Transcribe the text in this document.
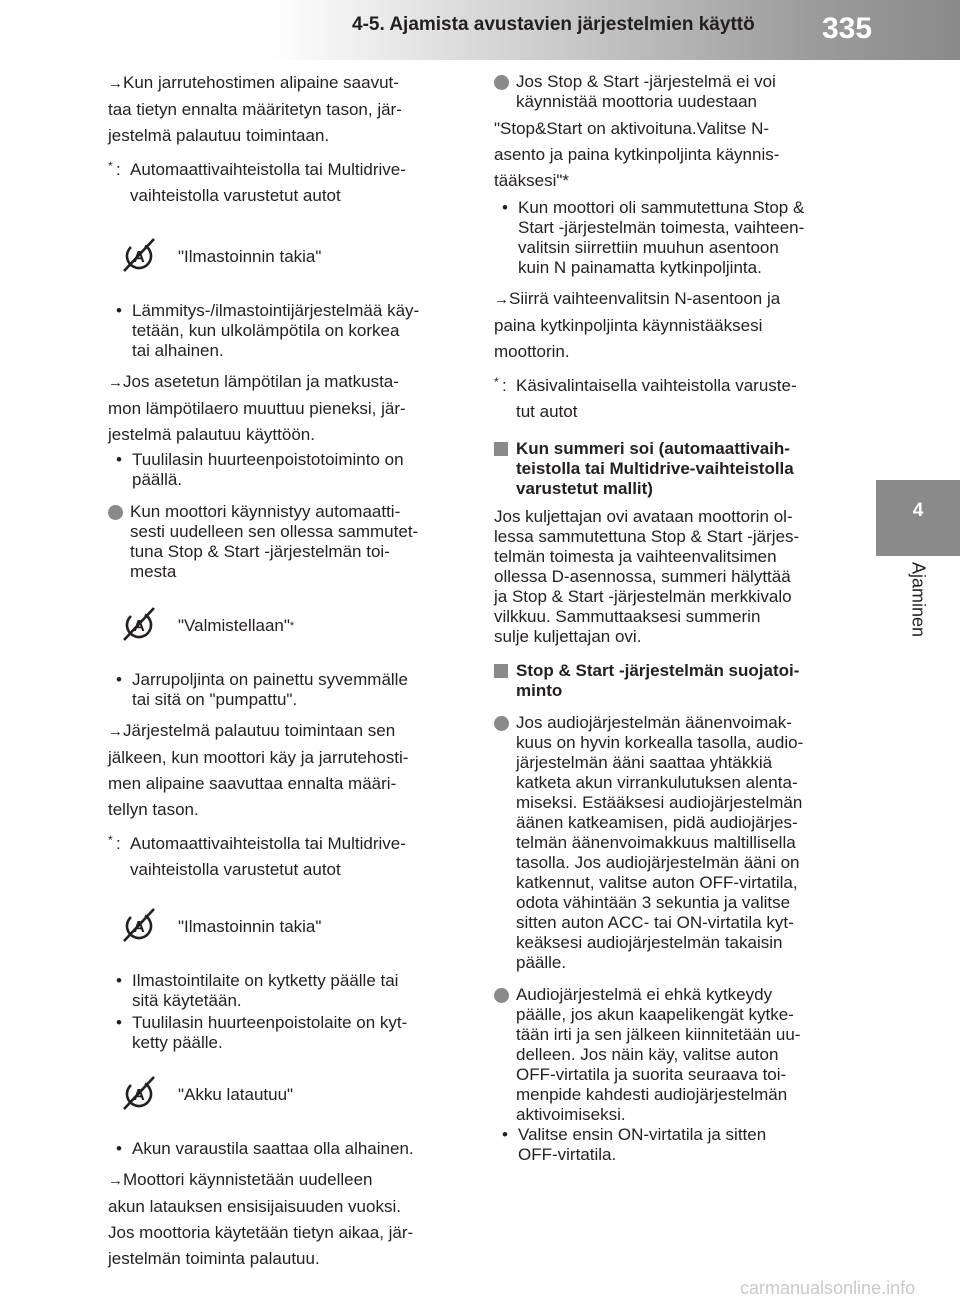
4-5. Ajamista avustavien järjestelmien käyttö 335
4
Ajaminen
→Kun jarrutehostimen alipaine saavut-
taa tietyn ennalta määritetyn tason, jär-
jestelmä palautuu toimintaan.
* : Automaattivaihteistolla tai Multidrive-
vaihteistolla varustetut autot
A "Ilmastoinnin takia"
• Lämmitys-/ilmastointijärjestelmää käy-
tetään, kun ulkolämpötila on korkea
tai alhainen.
→Jos asetetun lämpötilan ja matkusta-
mon lämpötilaero muuttuu pieneksi, jär-
jestelmä palautuu käyttöön.
• Tuulilasin huurteenpoistotoiminto on
päällä.
Kun moottori käynnistyy automaatti-
sesti uudelleen sen ollessa sammutet-
tuna Stop & Start -järjestelmän toi-
mesta
A "Valmistellaan"*
• Jarrupoljinta on painettu syvemmälle
tai sitä on "pumpattu".
→Järjestelmä palautuu toimintaan sen
jälkeen, kun moottori käy ja jarrutehosti-
men alipaine saavuttaa ennalta määri-
tellyn tason.
* : Automaattivaihteistolla tai Multidrive-
vaihteistolla varustetut autot
A "Ilmastoinnin takia"
• Ilmastointilaite on kytketty päälle tai
sitä käytetään.
• Tuulilasin huurteenpoistolaite on kyt-
ketty päälle.
A "Akku latautuu"
• Akun varaustila saattaa olla alhainen.
→Moottori käynnistetään uudelleen
akun latauksen ensisijaisuuden vuoksi.
Jos moottoria käytetään tietyn aikaa, jär-
jestelmän toiminta palautuu.
Jos Stop & Start -järjestelmä ei voi
käynnistää moottoria uudestaan
"Stop&Start on aktivoituna.Valitse N-
asento ja paina kytkinpoljinta käynnis-
tääksesi"*
• Kun moottori oli sammutettuna Stop &
Start -järjestelmän toimesta, vaihteen-
valitsin siirrettiin muuhun asentoon
kuin N painamatta kytkinpoljinta.
→Siirrä vaihteenvalitsin N-asentoon ja
paina kytkinpoljinta käynnistääksesi
moottorin.
* : Käsivalintaisella vaihteistolla varuste-
tut autot
Kun summeri soi (automaattivaih-
teistolla tai Multidrive-vaihteistolla
varustetut mallit)
Jos kuljettajan ovi avataan moottorin ol-
lessa sammutettuna Stop & Start -järjes-
telmän toimesta ja vaihteenvalitsimen
ollessa D-asennossa, summeri hälyttää
ja Stop & Start -järjestelmän merkkivalo
vilkkuu. Sammuttaaksesi summerin
sulje kuljettajan ovi.
Stop & Start -järjestelmän suojatoi-
minto
Jos audiojärjestelmän äänenvoimak-
kuus on hyvin korkealla tasolla, audio-
järjestelmän ääni saattaa yhtäkkiä
katketa akun virrankulutuksen alenta-
miseksi. Estääksesi audiojärjestelmän
äänen katkeamisen, pidä audiojärjes-
telmän äänenvoimakkuus maltillisella
tasolla. Jos audiojärjestelmän ääni on
katkennut, valitse auton OFF-virtatila,
odota vähintään 3 sekuntia ja valitse
sitten auton ACC- tai ON-virtatila kyt-
keäksesi audiojärjestelmän takaisin
päälle.
Audiojärjestelmä ei ehkä kytkeydy
päälle, jos akun kaapelikengät kytke-
tään irti ja sen jälkeen kiinnitetään uu-
delleen. Jos näin käy, valitse auton
OFF-virtatila ja suorita seuraava toi-
menpide kahdesti audiojärjestelmän
aktivoimiseksi.
• Valitse ensin ON-virtatila ja sitten
OFF-virtatila.
carmanualsonline.info
